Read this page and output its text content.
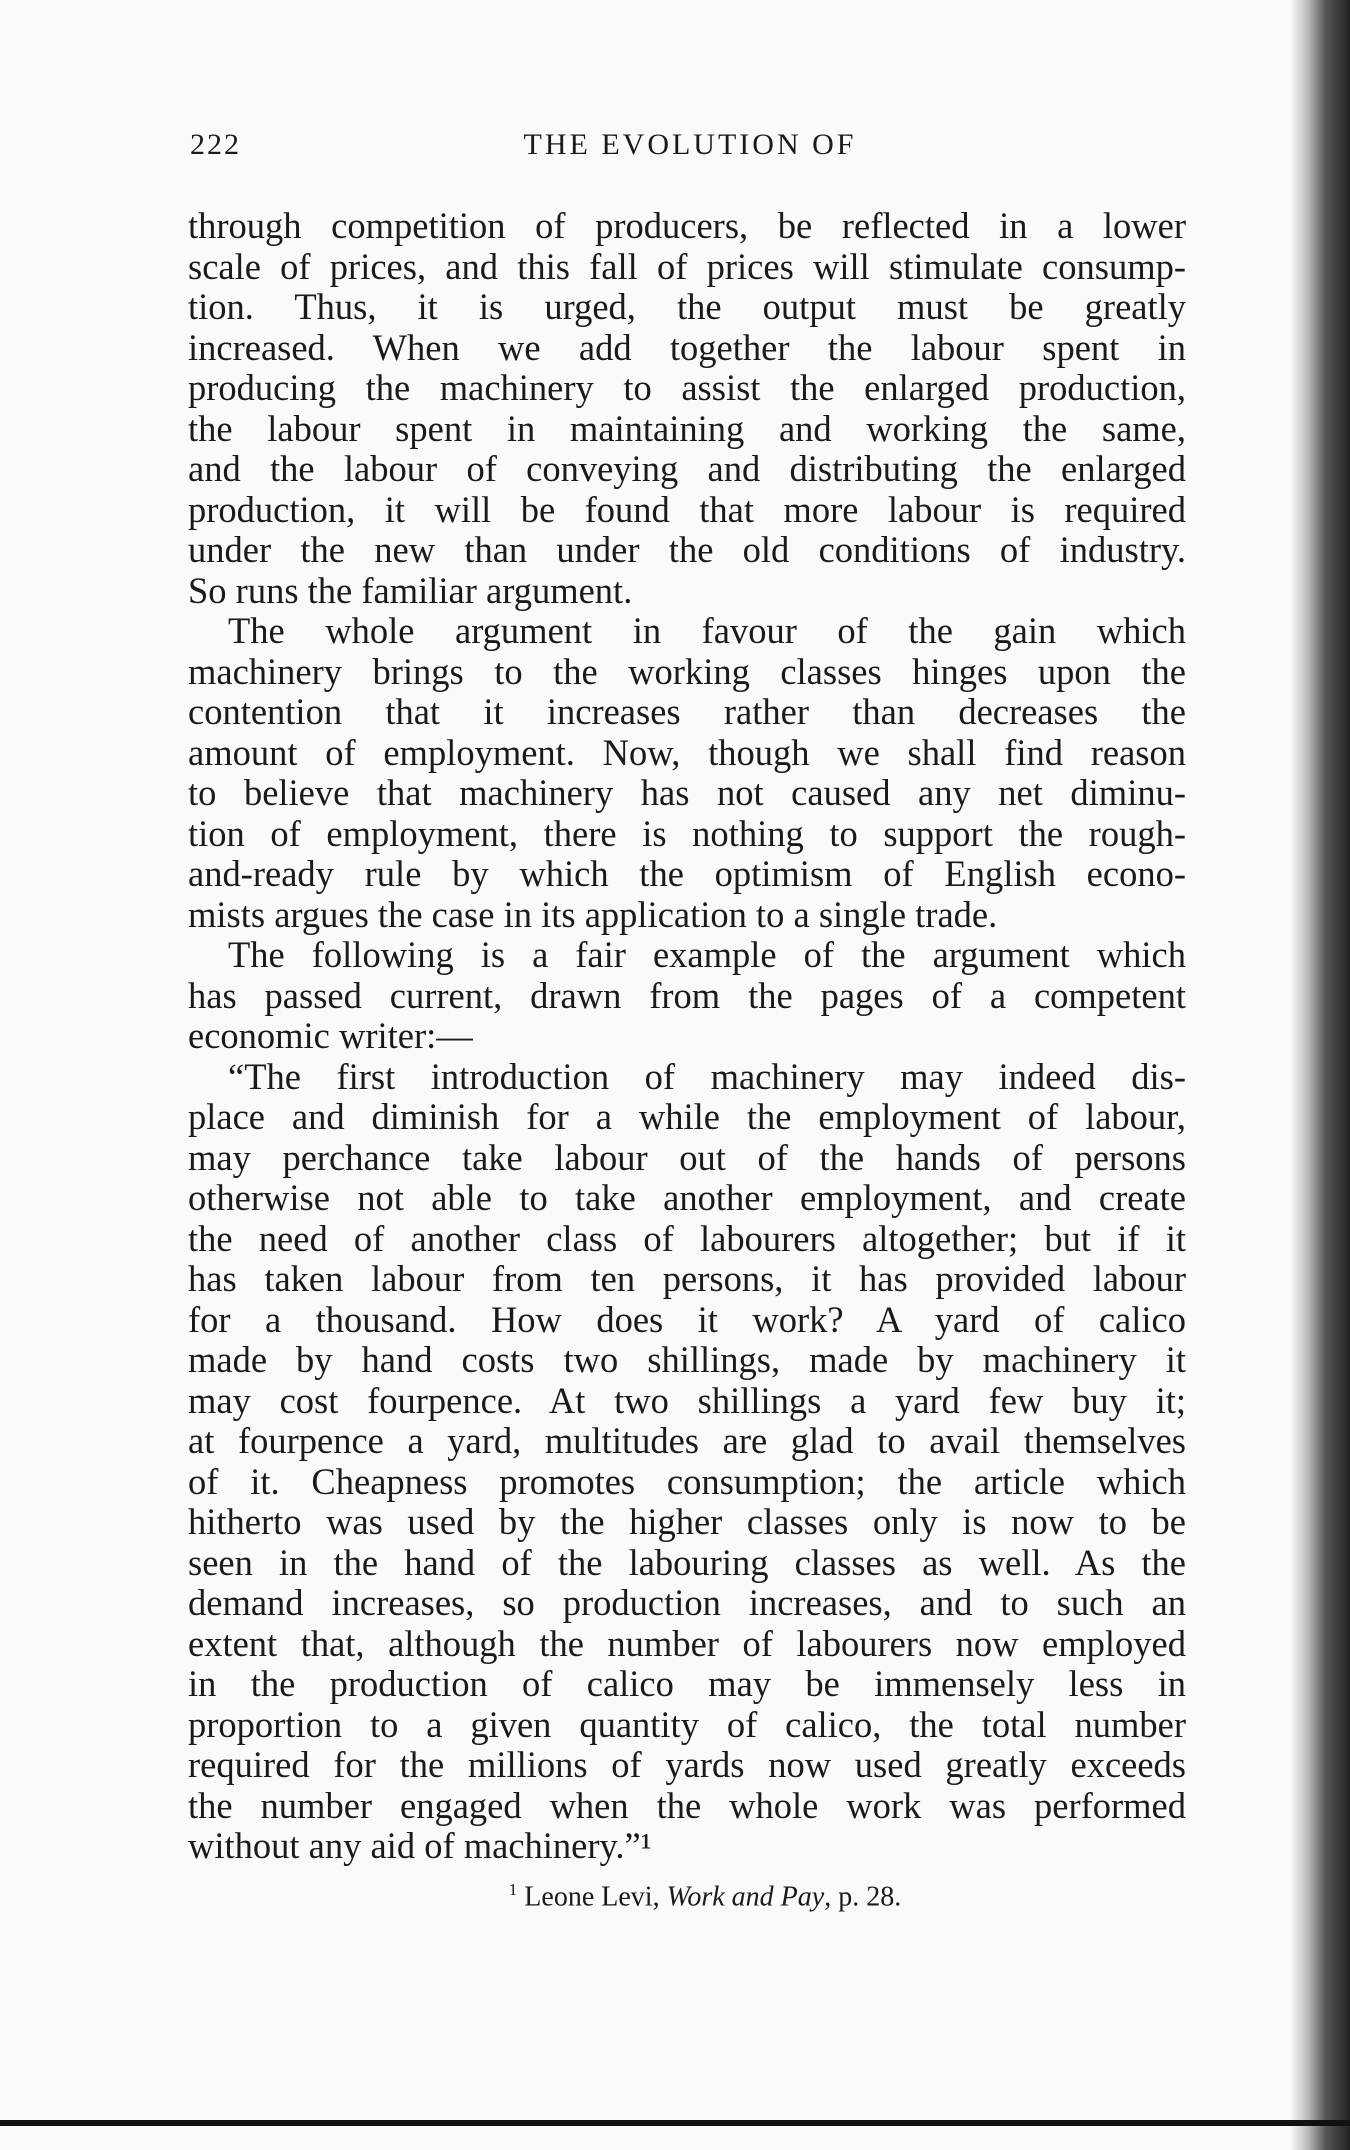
222	THE EVOLUTION OF
through competition of producers, be reflected in a lower
scale of prices, and this fall of prices will stimulate consump-
tion. Thus, it is urged, the output must be greatly
increased. When we add together the labour spent in
producing the machinery to assist the enlarged production,
the labour spent in maintaining and working the same,
and the labour of conveying and distributing the enlarged
production, it will be found that more labour is required
under the new than under the old conditions of industry.
So runs the familiar argument.
The whole argument in favour of the gain which
machinery brings to the working classes hinges upon the
contention that it increases rather than decreases the
amount of employment. Now, though we shall find reason
to believe that machinery has not caused any net diminu-
tion of employment, there is nothing to support the rough-
and-ready rule by which the optimism of English econo-
mists argues the case in its application to a single trade.
The following is a fair example of the argument which
has passed current, drawn from the pages of a competent
economic writer:—
“The first introduction of machinery may indeed dis-
place and diminish for a while the employment of labour,
may perchance take labour out of the hands of persons
otherwise not able to take another employment, and create
the need of another class of labourers altogether; but if it
has taken labour from ten persons, it has provided labour
for a thousand. How does it work? A yard of calico
made by hand costs two shillings, made by machinery it
may cost fourpence. At two shillings a yard few buy it;
at fourpence a yard, multitudes are glad to avail themselves
of it. Cheapness promotes consumption; the article which
hitherto was used by the higher classes only is now to be
seen in the hand of the labouring classes as well. As the
demand increases, so production increases, and to such an
extent that, although the number of labourers now employed
in the production of calico may be immensely less in
proportion to a given quantity of calico, the total number
required for the millions of yards now used greatly exceeds
the number engaged when the whole work was performed
without any aid of machinery.”¹
$^1$ Leone Levi, Work and Pay, p. 28.
